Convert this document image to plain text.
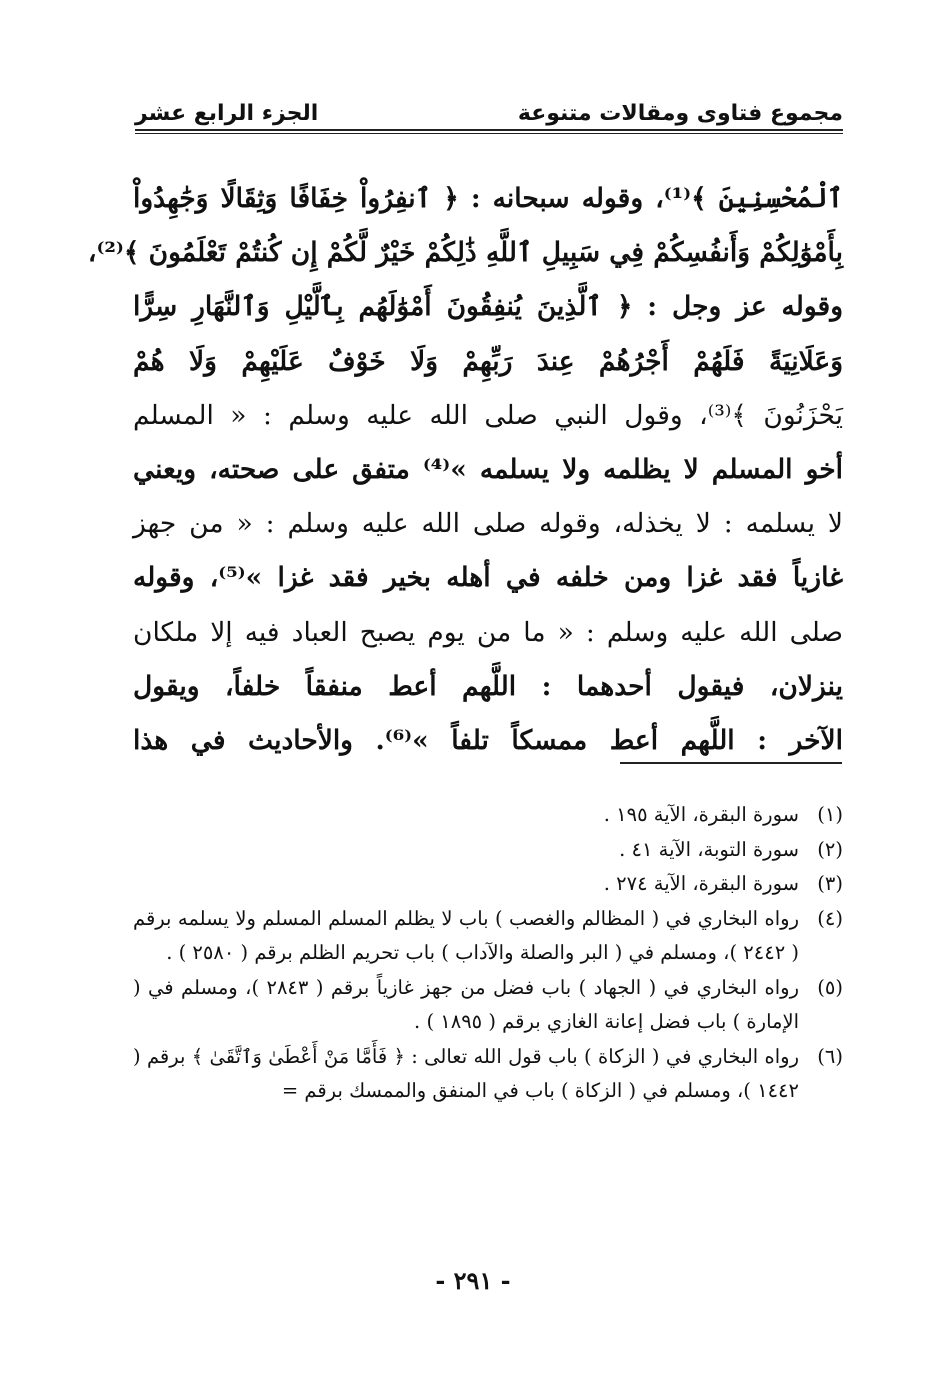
مجموع فتاوى ومقالات متنوعة
الجزء الرابع عشر
ٱلْمُحْسِنِينَ ﴾⁽¹⁾، وقوله سبحانه : ﴿ ٱنفِرُواْ خِفَافًا وَثِقَالًا وَجَٰهِدُواْ
بِأَمْوَٰلِكُمْ وَأَنفُسِكُمْ فِي سَبِيلِ ٱللَّهِ ذَٰلِكُمْ خَيْرٌ لَّكُمْ إِن كُنتُمْ تَعْلَمُونَ ﴾⁽²⁾،
وقوله عز وجل : ﴿ ٱلَّذِينَ يُنفِقُونَ أَمْوَٰلَهُم بِٱلَّيْلِ وَٱلنَّهَارِ سِرًّا
وَعَلَانِيَةً فَلَهُمْ أَجْرُهُمْ عِندَ رَبِّهِمْ وَلَا خَوْفٌ عَلَيْهِمْ وَلَا هُمْ
يَحْزَنُونَ ﴾⁽³⁾، وقول النبي صلى الله عليه وسلم : « المسلم
أخو المسلم لا يظلمه ولا يسلمه »⁽⁴⁾ متفق على صحته، ويعني
لا يسلمه : لا يخذله، وقوله صلى الله عليه وسلم : « من جهز
غازياً فقد غزا ومن خلفه في أهله بخير فقد غزا »⁽⁵⁾، وقوله
صلى الله عليه وسلم : « ما من يوم يصبح العباد فيه إلا ملكان
ينزلان، فيقول أحدهما : اللَّهم أعط منفقاً خلفاً، ويقول
الآخر : اللَّهم أعط ممسكاً تلفاً »⁽⁶⁾. والأحاديث في هذا
(١)
سورة البقرة، الآية ١٩٥ .
(٢)
سورة التوبة، الآية ٤١ .
(٣)
سورة البقرة، الآية ٢٧٤ .
(٤)
رواه البخاري في ( المظالم والغصب ) باب لا يظلم المسلم المسلم ولا يسلمه برقم ( ٢٤٤٢ )، ومسلم في ( البر والصلة والآداب ) باب تحريم الظلم برقم ( ٢٥٨٠ ) .
(٥)
رواه البخاري في ( الجهاد ) باب فضل من جهز غازياً برقم ( ٢٨٤٣ )، ومسلم في ( الإمارة ) باب فضل إعانة الغازي برقم ( ١٨٩٥ ) .
(٦)
رواه البخاري في ( الزكاة ) باب قول الله تعالى : ﴿ فَأَمَّا مَنْ أَعْطَىٰ وَٱتَّقَىٰ ﴾ برقم ( ١٤٤٢ )، ومسلم في ( الزكاة ) باب في المنفق والممسك برقم =
- ٢٩١ -
